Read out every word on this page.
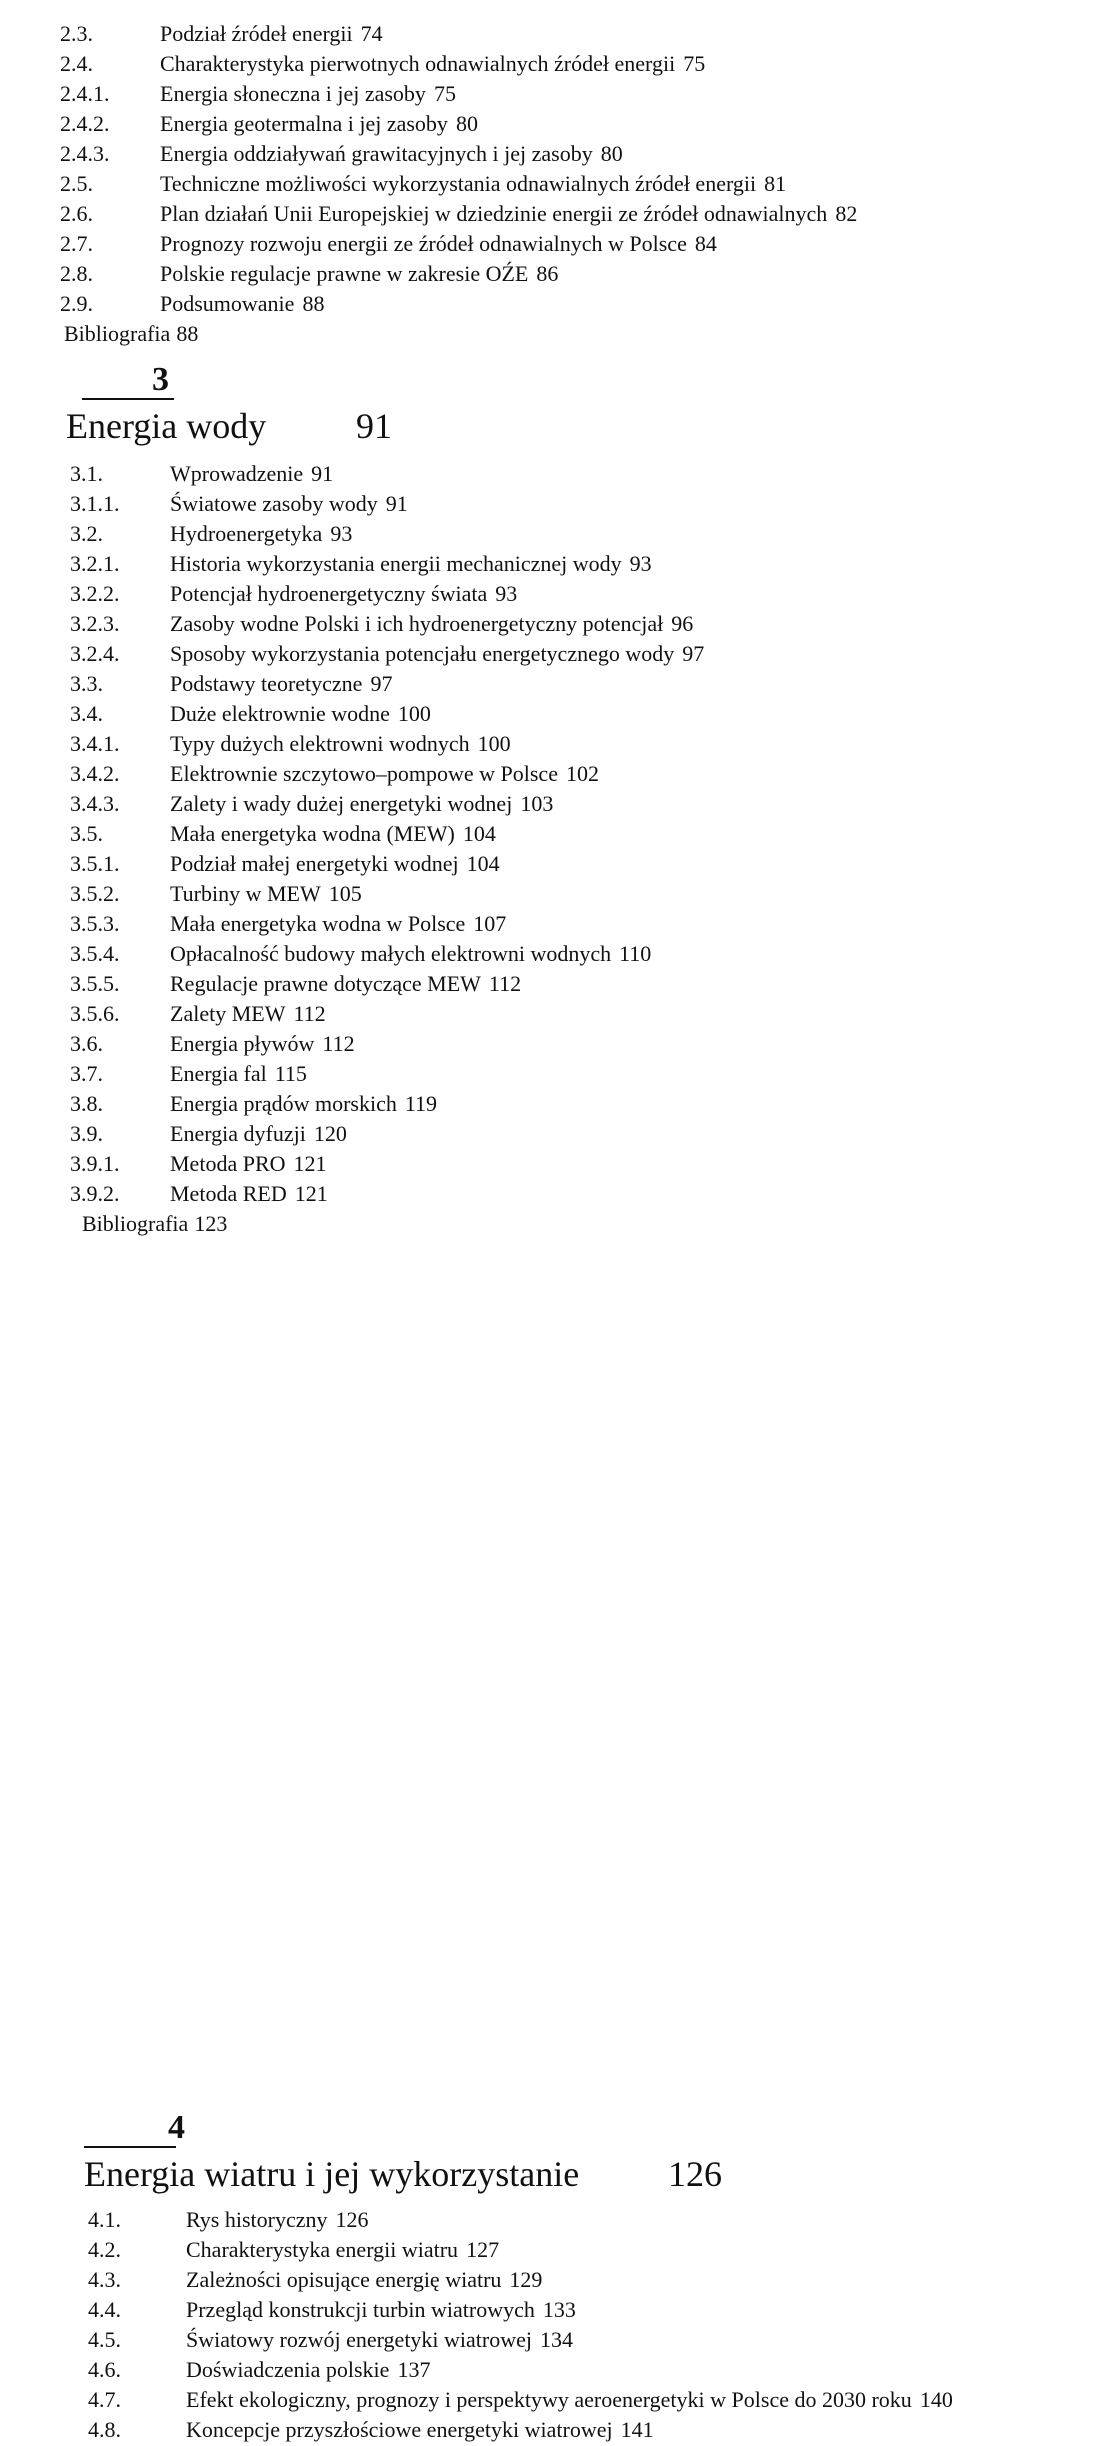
2.3.	Podział źródeł energii 74
2.4.	Charakterystyka pierwotnych odnawialnych źródeł energii 75
2.4.1. Energia słoneczna i jej zasoby 75
2.4.2. Energia geotermalna i jej zasoby 80
2.4.3. Energia oddziaływań grawitacyjnych i jej zasoby 80
2.5.	Techniczne możliwości wykorzystania odnawialnych źródeł energii 81
2.6.	Plan działań Unii Europejskiej w dziedzinie energii ze źródeł odnawialnych 82
2.7.	Prognozy rozwoju energii ze źródeł odnawialnych w Polsce 84
2.8.	Polskie regulacje prawne w zakresie OŹE 86
2.9.	Podsumowanie 88
Bibliografia 88
3
Energia wody 91
3.1.	Wprowadzenie 91
3.1.1. Światowe zasoby wody 91
3.2.	Hydroenergetyka 93
3.2.1. Historia wykorzystania energii mechanicznej wody 93
3.2.2. Potencjał hydroenergetyczny świata 93
3.2.3. Zasoby wodne Polski i ich hydroenergetyczny potencjał 96
3.2.4. Sposoby wykorzystania potencjału energetycznego wody 97
3.3.	Podstawy teoretyczne 97
3.4.	Duże elektrownie wodne 100
3.4.1. Typy dużych elektrowni wodnych 100
3.4.2. Elektrownie szczytowo–pompowe w Polsce 102
3.4.3. Zalety i wady dużej energetyki wodnej 103
3.5.	Mała energetyka wodna (MEW) 104
3.5.1. Podział małej energetyki wodnej 104
3.5.2. Turbiny w MEW 105
3.5.3. Mała energetyka wodna w Polsce 107
3.5.4. Opłacalność budowy małych elektrowni wodnych 110
3.5.5. Regulacje prawne dotyczące MEW 112
3.5.6. Zalety MEW 112
3.6.	Energia pływów 112
3.7.	Energia fal 115
3.8.	Energia prądów morskich 119
3.9.	Energia dyfuzji 120
3.9.1. Metoda PRO 121
3.9.2. Metoda RED 121
Bibliografia 123
4
Energia wiatru i jej wykorzystanie 126
4.1.	Rys historyczny 126
4.2.	Charakterystyka energii wiatru 127
4.3.	Zależności opisujące energię wiatru 129
4.4.	Przegląd konstrukcji turbin wiatrowych 133
4.5.	Światowy rozwój energetyki wiatrowej 134
4.6.	Doświadczenia polskie 137
4.7.	Efekt ekologiczny, prognozy i perspektywy aeroenergetyki w Polsce do 2030 roku 140
4.8.	Koncepcje przyszłościowe energetyki wiatrowej 141
